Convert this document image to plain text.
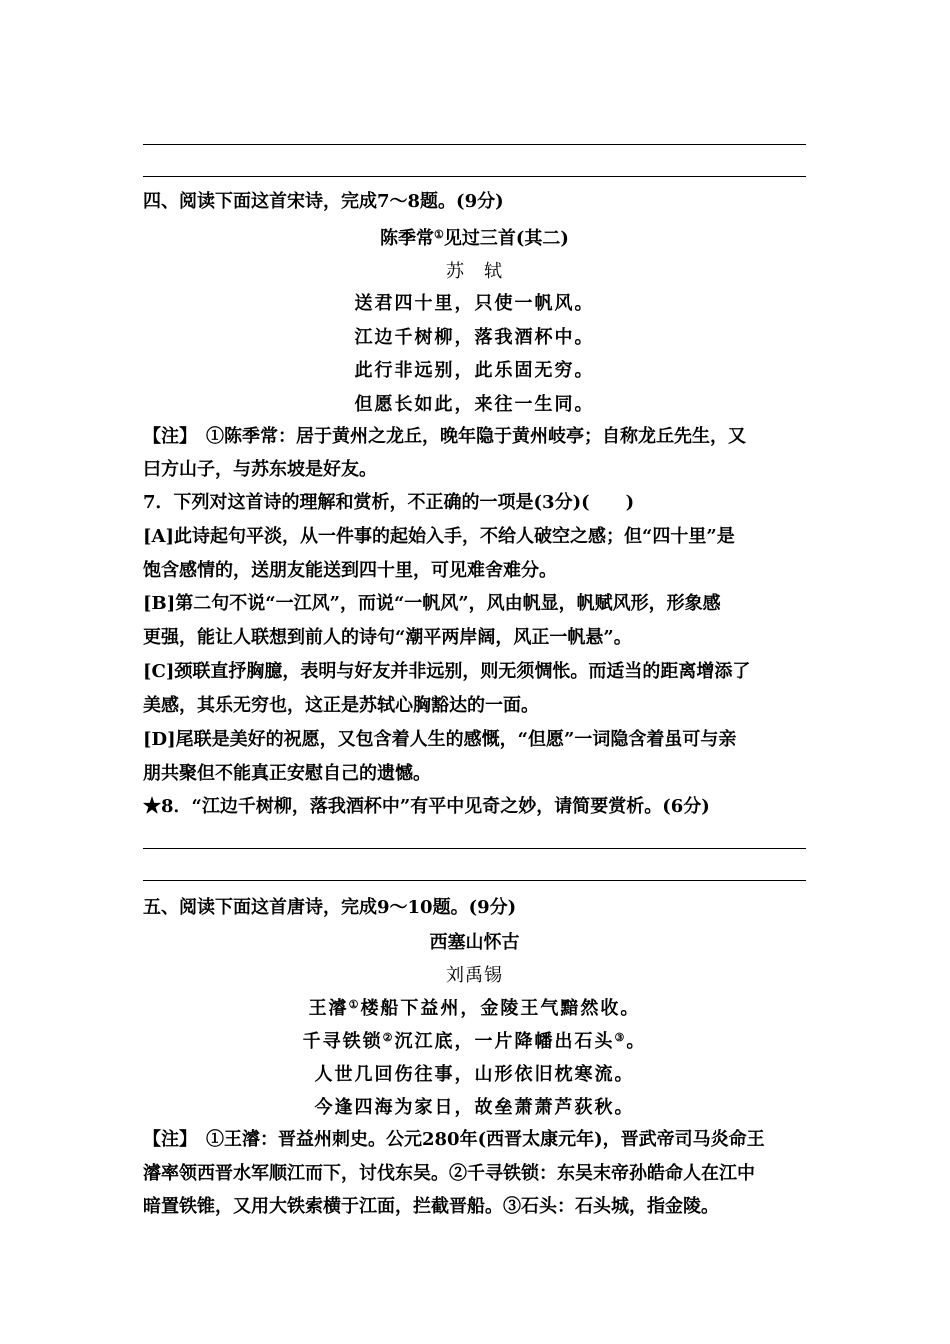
四、阅读下面这首宋诗，完成7～8题。(9分)
陈季常①见过三首(其二)
苏　轼
送君四十里，只使一帆风。
江边千树柳，落我酒杯中。
此行非远别，此乐固无穷。
但愿长如此，来往一生同。
【注】　①陈季常：居于黄州之龙丘，晚年隐于黄州岐亭；自称龙丘先生，又
曰方山子，与苏东坡是好友。
7．下列对这首诗的理解和赏析，不正确的一项是(3分)(　　)
[A]此诗起句平淡，从一件事的起始入手，不给人破空之感；但“四十里”是
饱含感情的，送朋友能送到四十里，可见难舍难分。
[B]第二句不说“一江风”，而说“一帆风”，风由帆显，帆赋风形，形象感
更强，能让人联想到前人的诗句“潮平两岸阔，风正一帆悬”。
[C]颈联直抒胸臆，表明与好友并非远别，则无须惆怅。而适当的距离增添了
美感，其乐无穷也，这正是苏轼心胸豁达的一面。
[D]尾联是美好的祝愿，又包含着人生的感慨，“但愿”一词隐含着虽可与亲
朋共聚但不能真正安慰自己的遗憾。
★8．“江边千树柳，落我酒杯中”有平中见奇之妙，请简要赏析。(6分)
五、阅读下面这首唐诗，完成9～10题。(9分)
西塞山怀古
刘禹锡
王濬①楼船下益州，金陵王气黯然收。
千寻铁锁②沉江底，一片降幡出石头③。
人世几回伤往事，山形依旧枕寒流。
今逢四海为家日，故垒萧萧芦荻秋。
【注】　①王濬：晋益州刺史。公元280年(西晋太康元年)，晋武帝司马炎命王
濬率领西晋水军顺江而下，讨伐东吴。②千寻铁锁：东吴末帝孙皓命人在江中
暗置铁锥，又用大铁索横于江面，拦截晋船。③石头：石头城，指金陵。
